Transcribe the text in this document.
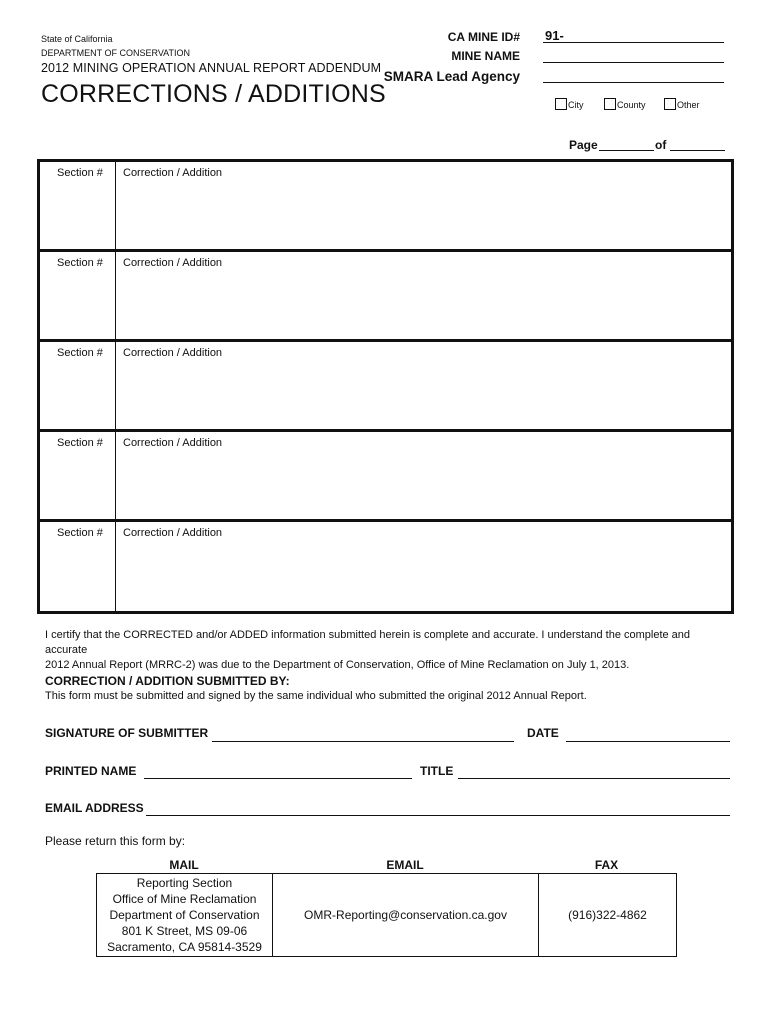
State of California
DEPARTMENT OF CONSERVATION
2012 MINING OPERATION ANNUAL REPORT ADDENDUM
CORRECTIONS / ADDITIONS
CA MINE ID# 91-
MINE NAME
SMARA Lead Agency
City	County	Other
Page	of
Section # Correction / Addition
Section # Correction / Addition
Section # Correction / Addition
Section # Correction / Addition
Section # Correction / Addition
I certify that the CORRECTED and/or ADDED information submitted herein is complete and accurate. I understand the complete and accurate
2012 Annual Report (MRRC-2) was due to the Department of Conservation, Office of Mine Reclamation on July 1, 2013.
CORRECTION / ADDITION SUBMITTED BY:
This form must be submitted and signed by the same individual who submitted the original 2012 Annual Report.
SIGNATURE OF SUBMITTER	DATE
PRINTED NAME	TITLE
EMAIL ADDRESS
Please return this form by:
MAIL	EMAIL	FAX
Reporting Section
Office of Mine Reclamation
Department of Conservation
801 K Street, MS 09-06
Sacramento, CA 95814-3529
OMR-Reporting@conservation.ca.gov	(916)322-4862
